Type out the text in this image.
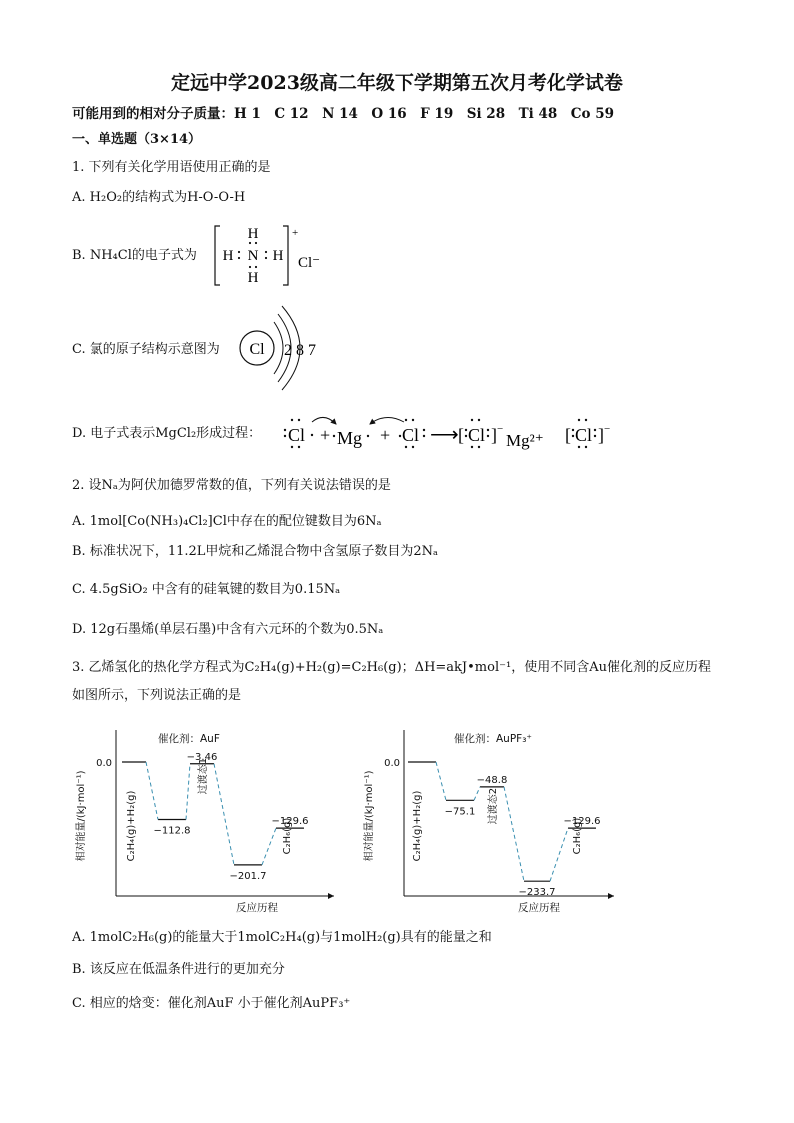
定远中学2023级高二年级下学期第五次月考化学试卷
可能用到的相对分子质量：H 1　C 12　N 14　O 16　F 19　Si 28　Ti 48　Co 59
一、单选题（3×14）
1. 下列有关化学用语使用正确的是
A. H₂O₂的结构式为H-O-O-H
B. NH₄Cl的电子式为
H
N
H
H	H
+
Cl⁻
C. 氯的原子结构示意图为 Cl 2 8 7
D. 电子式表示MgCl₂形成过程： Cl + Mg + Cl ⟶ [ Cl ] −
Mg²⁺ [ Cl ] −
2. 设Nₐ为阿伏加德罗常数的值，下列有关说法错误的是
A. 1mol[Co(NH₃)₄Cl₂]Cl中存在的配位键数目为6Nₐ
B. 标准状况下，11.2L甲烷和乙烯混合物中含氢原子数目为2Nₐ
C. 4.5gSiO₂ 中含有的硅氧键的数目为0.15Nₐ
D. 12g石墨烯(单层石墨)中含有六元环的个数为0.5Nₐ
3. 乙烯氢化的热化学方程式为C₂H₄(g)+H₂(g)=C₂H₆(g)；ΔH=akJ•mol⁻¹，使用不同含Au催化剂的反应历程
如图所示，下列说法正确的是
催化剂：AuF
反应历程
相对能量/(kJ·mol⁻¹)
0.0
−112.8
−3.46
−201.7
−129.6
C₂H₄(g)+H₂(g)
过渡态1
C₂H₆(g)
催化剂：AuPF₃⁺
反应历程
相对能量/(kJ·mol⁻¹)
0.0
−75.1
−48.8
−233.7
−129.6
C₂H₄(g)+H₂(g)	过渡态2
C₂H₆(g)
A. 1molC₂H₆(g)的能量大于1molC₂H₄(g)与1molH₂(g)具有的能量之和
B. 该反应在低温条件进行的更加充分
C. 相应的焓变：催化剂AuF 小于催化剂AuPF₃⁺
